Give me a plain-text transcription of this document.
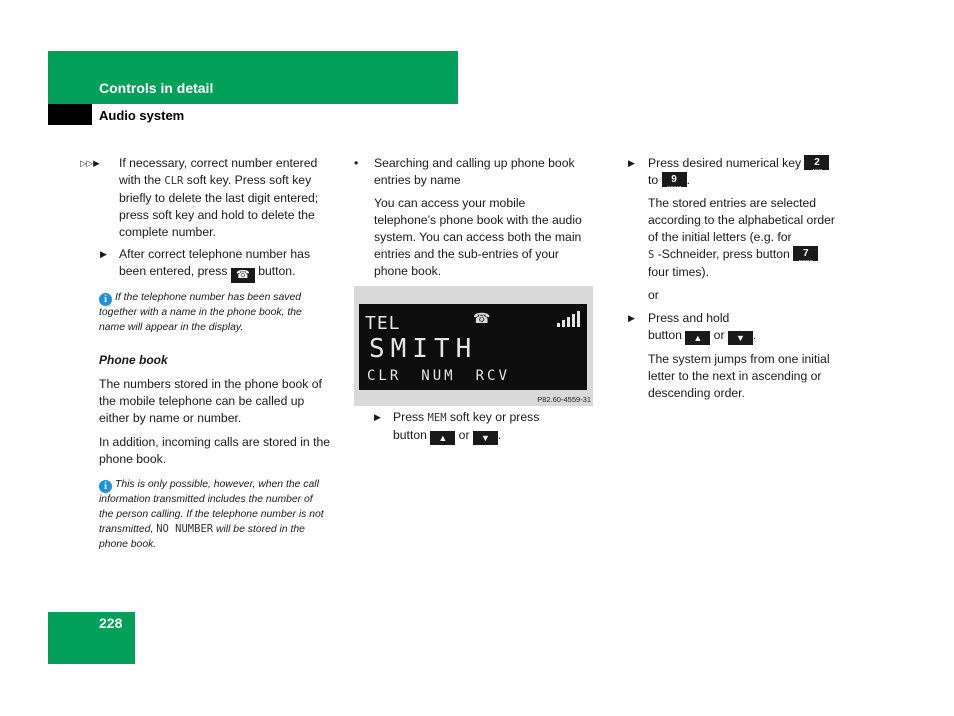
Controls in detail
Audio system
▷▷▶ If necessary, correct number entered

with the CLR soft key. Press soft key

briefly to delete the last digit entered;

press soft key and hold to delete the

complete number.

▶ After correct telephone number has

been entered, press ☎ button.

i If the telephone number has been saved
together with a name in the phone book, the
name will appear in the display.
Phone book

The numbers stored in the phone book of

the mobile telephone can be called up

either by name or number.

In addition, incoming calls are stored in the

phone book.

i This is only possible, however, when the call
information transmitted includes the number of
the person calling. If the telephone number is not
transmitted, NO NUMBER will be stored in the
phone book.
• Searching and calling up phone book

entries by name

You can access your mobile

telephone’s phone book with the audio

system. You can access both the main

entries and the sub-entries of your

phone book.

TEL	☎
SMITH
CLR NUM RCV
P82.60-4559-31
▶ Press MEM soft key or press

button ▲ or ▼ .

▶ Press desired numerical key	2
ABC

to	9
WXYZ
.

The stored entries are selected

according to the alphabetical order

of the initial letters (e.g. for

S -Schneider, press button	7
PQRS

four times).

or
▶ Press and hold

button ▲ or ▼ .

The system jumps from one initial

letter to the next in ascending or

descending order.

228
